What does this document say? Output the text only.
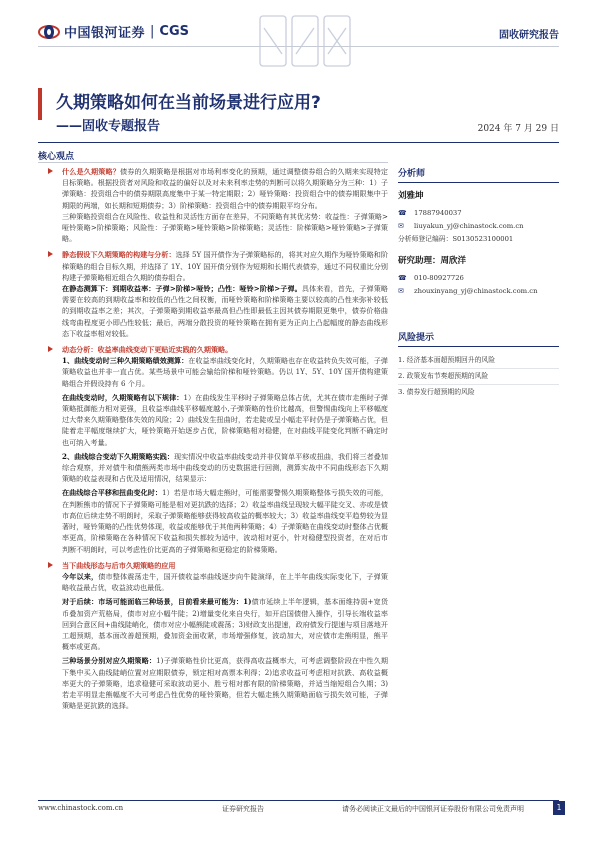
中国银河证券 | CGS	固收研究报告
久期策略如何在当前场景进行应用?
——固收专题报告	2024 年 7 月 29 日
核心观点

什么是久期策略？债券的久期策略是根据对市场利率变化的预期，通过调整债券组合的久期来实现特定目标策略。根据投资者对风险和收益的偏好以及对未来利率走势的判断可以将久期策略分为三种：1）子弹策略：投资组合中的债券期限高度集中于某一特定期限；2）哑铃策略：投资组合中的债券期限集中于期限的两端，如长期和短期债券；3）阶梯策略：投资组合中的债券期限平均分布。

三种策略投资组合在风险性、收益性和灵活性方面存在差异，不同策略有其优劣势：收益性：子弹策略>哑铃策略>阶梯策略；风险性：子弹策略>哑铃策略>阶梯策略；灵活性：阶梯策略>哑铃策略>子弹策略。

静态假设下久期策略的构建与分析：选择 5Y 国开债作为子弹策略标的，将其对应久期作为哑铃策略和阶梯策略的组合目标久期，并选择了 1Y、10Y 国开债分别作为短期和长期代表债券，通过不同权重比分别构建子弹策略相近组合久期的债券组合。

在静态测算下：到期收益率：子弹>阶梯>哑铃；凸性：哑铃>阶梯>子弹。具体来看，首先，子弹策略需要在较高的到期收益率和较低的凸性之间权衡，而哑铃策略和阶梯策略主要以较高的凸性来弥补较低的到期收益率之差；其次，子弹策略到期收益率最高但凸性即最低主因其债券期限更集中，债券价格曲线弯曲程度更小即凸性较低；最后，两端分散投资的哑铃策略在拥有更为正向上凸起幅度的静态曲线形态下收益率相对较低。

动态分析：收益率曲线变动下更贴近实践的久期策略。

1、曲线变动时三种久期策略绩效测算：在收益率曲线变化时，久期策略也存在收益转负失效可能，子弹策略收益也并非一直占优。某些场景中可能会输给阶梯和哑铃策略。仍以 1Y、5Y、10Y 国开债构建策略组合并假设持有 6 个月。

在曲线变动时，久期策略有以下规律：1）在曲线发生平移时子弹策略总体占优，尤其在债市走熊时子弹策略抵御能力相对更强，且收益率曲线平移幅度越小,子弹策略的性价比越高，但警惕曲线向上平移幅度过大带来久期策略整体失效的风险；2）曲线发生扭曲时，若走陡或呈小幅走平时仍是子弹策略占优，但陡着走平幅度继续扩大，哑铃策略开始逐步占优，阶梯策略相对稳健，在对曲线平陡变化判断不确定时也可纳入考量。

2、曲线综合变动下久期策略实践：现实情况中收益率曲线变动并非仅简单平移或扭曲，我们将三者叠加综合观察，并对债牛和债熊两类市场中曲线变动的历史数据进行回测，测算实战中不同曲线形态下久期策略的收益表现和占优及适用情况，结果显示：

在曲线综合平移和扭曲变化时：1）若是市场大幅走熊时，可能需要警惕久期策略整体亏损失效的可能，在判断熊市的情况下子弹策略可能是相对更抗跌的选择；2）收益率曲线呈现较大幅平陡交叉、亦或是债市高位后续走势不明朗时，采取子弹策略能够获得较高收益的概率较大；3）收益率曲线变平趋势较为显著时，哑铃策略的凸性优势体现，收益或能够优于其他两种策略；4）子弹策略在曲线变动时整体占优概率更高，阶梯策略在各种情况下收益和损失都较为适中，波动相对更小，针对稳健型投资者，在对后市判断不明朗时，可以考虑性价比更高的子弹策略和更稳定的阶梯策略。

当下曲线形态与后市久期策略的应用

今年以来，债市整体震荡走牛，国开债收益率曲线逐步向牛陡演绎，在上半年曲线实际变化下，子弹策略收益最占优，收益波动也最低。

对于后续：市场可能面临三种场景，目前看来最可能为：1)债市延续上半年逻辑，基本面维持弱+宽货币叠加资产荒格局，债市对应小幅牛陡；2)增量变化来自央行，如开启国债借入操作，引导长端收益率回到合意区间+曲线陡峭化，债市对应小幅熊陡或震荡；3)财政支出提速，政府债发行提速与项目落地开工超预期，基本面改善超预期，叠加资金面收紧，市场增强修复，波动加大，对应债市走熊明显，熊平概率或更高。

三种场景分别对应久期策略：1)子弹策略性价比更高，获得高收益概率大，可考虑调整阶段在中性久期下集中买入曲线陡峭位置对应期限债券，锁定相对高票本利得；2)追求收益可考虑相对抗跌、高收益概率更大的子弹策略，追求稳健可采取波动更小、胜亏相对都有限的阶梯策略，并适当缩短组合久期；3)若走平明显走熊幅度不大可考虑凸性优势的哑铃策略，但若大幅走熊久期策略面临亏损失效可能，子弹策略是更抗跌的选择。

分析师
刘雅坤
☎ 17887940037
✉	liuyakun_yj@chinastock.com.cn
分析师登记编码：S0130523100001
研究助理：周欣洋
☎ 010-80927726
✉	zhouxinyang_yj@chinastock.com.cn
风险提示
1. 经济基本面超预期回升的风险
2. 政策发布节奏超预期的风险
3. 债券发行超预期的风险
www.chinastock.com.cn	证券研究报告	请务必阅读正文最后的中国银河证券股份有限公司免责声明	1
